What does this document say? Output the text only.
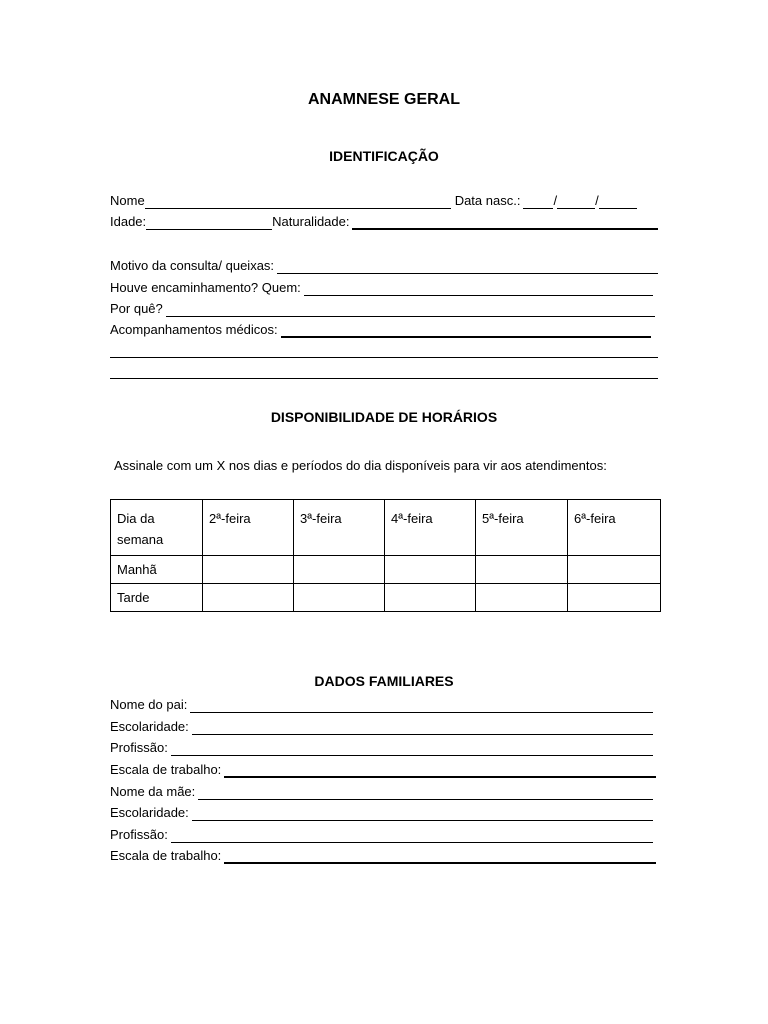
ANAMNESE GERAL
IDENTIFICAÇÃO
Nome	Data nasc.:	/	/
Idade:	Naturalidade:
Motivo da consulta/ queixas:
Houve encaminhamento? Quem:
Por quê?
Acompanhamentos médicos:
DISPONIBILIDADE DE HORÁRIOS
Assinale com um X nos dias e períodos do dia disponíveis para vir aos atendimentos:
Dia da semana	2ª-feira	3ª-feira	4ª-feira	5ª-feira	6ª-feira
Manhã					
Tarde					
DADOS FAMILIARES
Nome do pai:
Escolaridade:
Profissão:
Escala de trabalho:
Nome da mãe:
Escolaridade:
Profissão:
Escala de trabalho:
